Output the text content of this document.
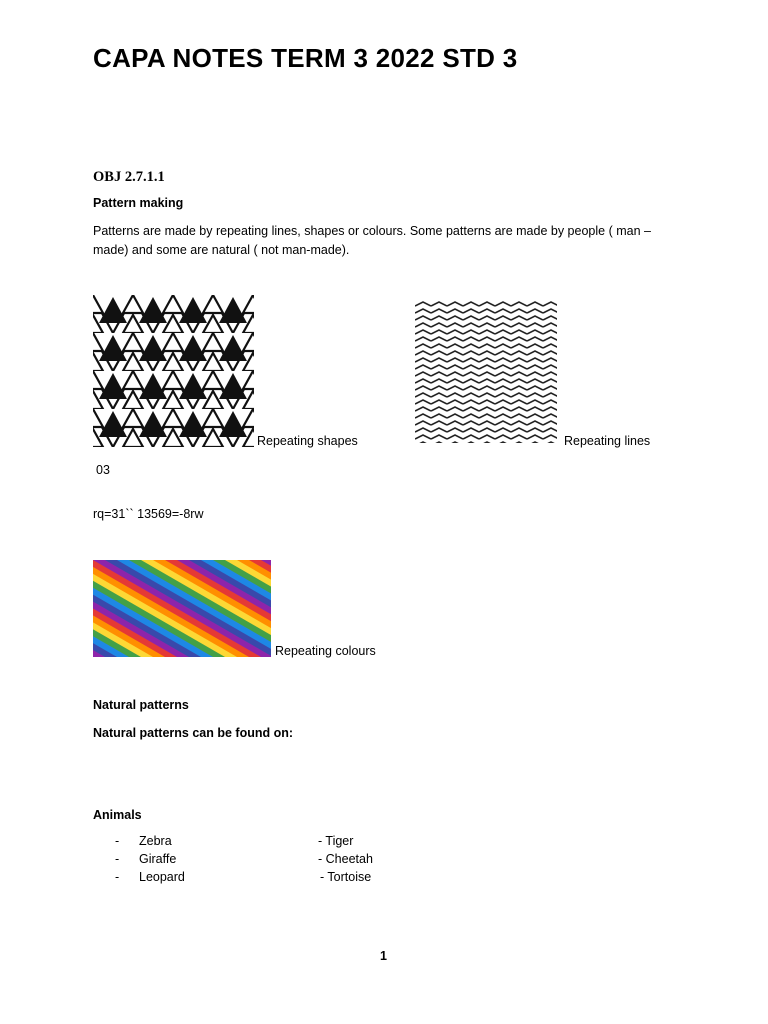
CAPA NOTES TERM 3 2022 STD 3
OBJ 2.7.1.1
Pattern making
Patterns are made by repeating lines, shapes or colours. Some patterns are made by people ( man – made) and some are natural ( not man-made).
Repeating shapes	Repeating lines
03
rq=31`` 13569=-8rw
Repeating colours
Natural patterns
Natural patterns can be found on:
Animals
- Zebra	- Tiger
- Giraffe	- Cheetah
- Leopard	- Tortoise
1
